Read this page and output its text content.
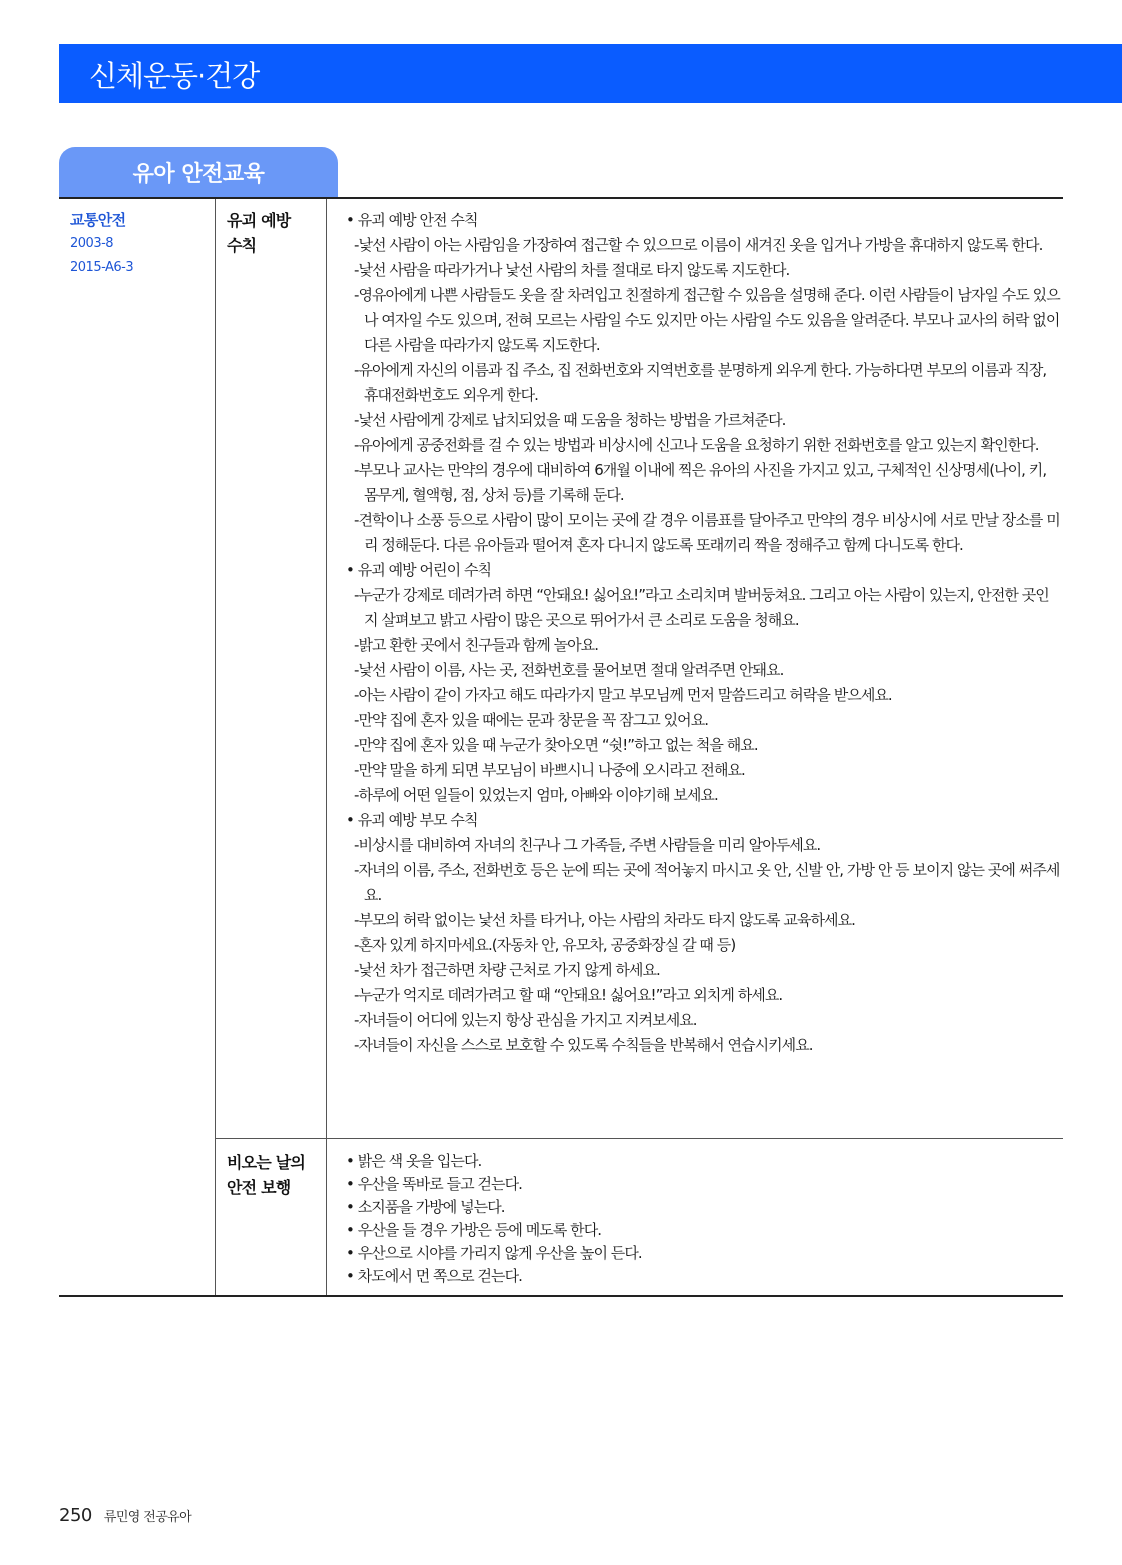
신체운동·건강
유아 안전교육
교통안전
2003-8
2015-A6-3
유괴 예방
수칙
• 유괴 예방 안전 수칙
-낯선 사람이 아는 사람임을 가장하여 접근할 수 있으므로 이름이 새겨진 옷을 입거나 가방을 휴대하지 않도록 한다.
-낯선 사람을 따라가거나 낯선 사람의 차를 절대로 타지 않도록 지도한다.
-영유아에게 나쁜 사람들도 옷을 잘 차려입고 친절하게 접근할 수 있음을 설명해 준다. 이런 사람들이 남자일 수도 있으나 여자일 수도 있으며, 전혀 모르는 사람일 수도 있지만 아는 사람일 수도 있음을 알려준다. 부모나 교사의 허락 없이 다른 사람을 따라가지 않도록 지도한다.
-유아에게 자신의 이름과 집 주소, 집 전화번호와 지역번호를 분명하게 외우게 한다. 가능하다면 부모의 이름과 직장, 휴대전화번호도 외우게 한다.
-낯선 사람에게 강제로 납치되었을 때 도움을 청하는 방법을 가르쳐준다.
-유아에게 공중전화를 걸 수 있는 방법과 비상시에 신고나 도움을 요청하기 위한 전화번호를 알고 있는지 확인한다.
-부모나 교사는 만약의 경우에 대비하여 6개월 이내에 찍은 유아의 사진을 가지고 있고, 구체적인 신상명세(나이, 키, 몸무게, 혈액형, 점, 상처 등)를 기록해 둔다.
-견학이나 소풍 등으로 사람이 많이 모이는 곳에 갈 경우 이름표를 달아주고 만약의 경우 비상시에 서로 만날 장소를 미리 정해둔다. 다른 유아들과 떨어져 혼자 다니지 않도록 또래끼리 짝을 정해주고 함께 다니도록 한다.
• 유괴 예방 어린이 수칙
-누군가 강제로 데려가려 하면 “안돼요! 싫어요!”라고 소리치며 발버둥쳐요. 그리고 아는 사람이 있는지, 안전한 곳인지 살펴보고 밝고 사람이 많은 곳으로 뛰어가서 큰 소리로 도움을 청해요.
-밝고 환한 곳에서 친구들과 함께 놀아요.
-낯선 사람이 이름, 사는 곳, 전화번호를 물어보면 절대 알려주면 안돼요.
-아는 사람이 같이 가자고 해도 따라가지 말고 부모님께 먼저 말씀드리고 허락을 받으세요.
-만약 집에 혼자 있을 때에는 문과 창문을 꼭 잠그고 있어요.
-만약 집에 혼자 있을 때 누군가 찾아오면 “쉿!”하고 없는 척을 해요.
-만약 말을 하게 되면 부모님이 바쁘시니 나중에 오시라고 전해요.
-하루에 어떤 일들이 있었는지 엄마, 아빠와 이야기해 보세요.
• 유괴 예방 부모 수칙
-비상시를 대비하여 자녀의 친구나 그 가족들, 주변 사람들을 미리 알아두세요.
-자녀의 이름, 주소, 전화번호 등은 눈에 띄는 곳에 적어놓지 마시고 옷 안, 신발 안, 가방 안 등 보이지 않는 곳에 써주세요.
-부모의 허락 없이는 낯선 차를 타거나, 아는 사람의 차라도 타지 않도록 교육하세요.
-혼자 있게 하지마세요.(자동차 안, 유모차, 공중화장실 갈 때 등)
-낯선 차가 접근하면 차량 근처로 가지 않게 하세요.
-누군가 억지로 데려가려고 할 때 “안돼요! 싫어요!”라고 외치게 하세요.
-자녀들이 어디에 있는지 항상 관심을 가지고 지켜보세요.
-자녀들이 자신을 스스로 보호할 수 있도록 수칙들을 반복해서 연습시키세요.
비오는 날의
안전 보행
• 밝은 색 옷을 입는다.
• 우산을 똑바로 들고 걷는다.
• 소지품을 가방에 넣는다.
• 우산을 들 경우 가방은 등에 메도록 한다.
• 우산으로 시야를 가리지 않게 우산을 높이 든다.
• 차도에서 먼 쪽으로 걷는다.
250 류민영 전공유아
